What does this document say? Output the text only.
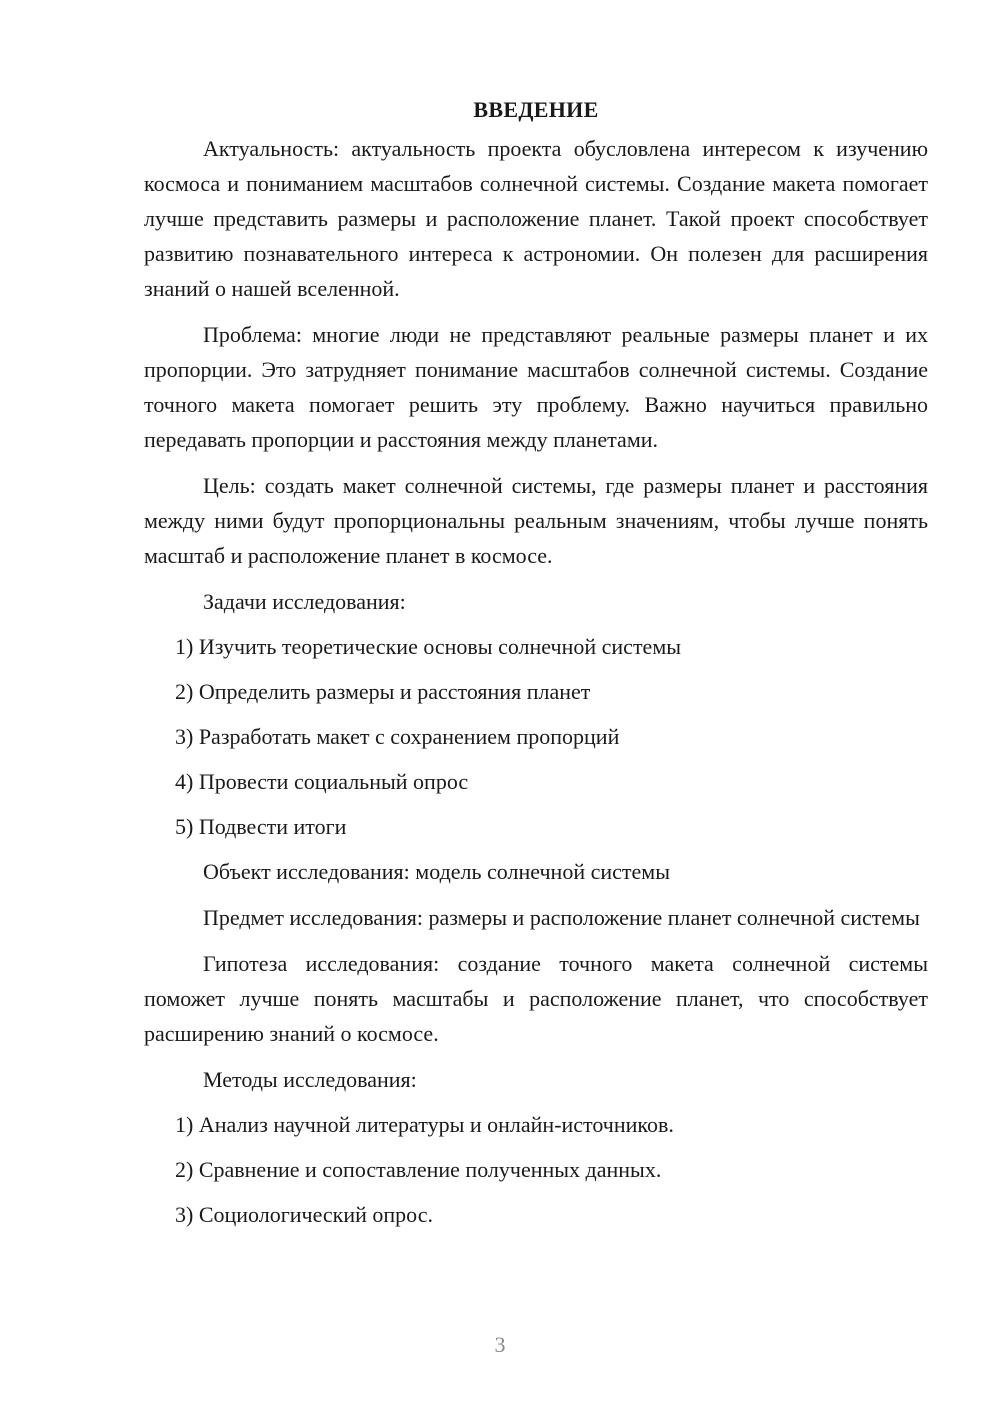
ВВЕДЕНИЕ
Актуальность: актуальность проекта обусловлена интересом к изучению космоса и пониманием масштабов солнечной системы. Создание макета помогает лучше представить размеры и расположение планет. Такой проект способствует развитию познавательного интереса к астрономии. Он полезен для расширения знаний о нашей вселенной.
Проблема: многие люди не представляют реальные размеры планет и их пропорции. Это затрудняет понимание масштабов солнечной системы. Создание точного макета помогает решить эту проблему. Важно научиться правильно передавать пропорции и расстояния между планетами.
Цель: создать макет солнечной системы, где размеры планет и расстояния между ними будут пропорциональны реальным значениям, чтобы лучше понять масштаб и расположение планет в космосе.
Задачи исследования:
1) Изучить теоретические основы солнечной системы
2) Определить размеры и расстояния планет
3) Разработать макет с сохранением пропорций
4) Провести социальный опрос
5) Подвести итоги
Объект исследования: модель солнечной системы
Предмет исследования: размеры и расположение планет солнечной системы
Гипотеза исследования: создание точного макета солнечной системы поможет лучше понять масштабы и расположение планет, что способствует расширению знаний о космосе.
Методы исследования:
1) Анализ научной литературы и онлайн-источников.
2) Сравнение и сопоставление полученных данных.
3) Социологический опрос.
3
